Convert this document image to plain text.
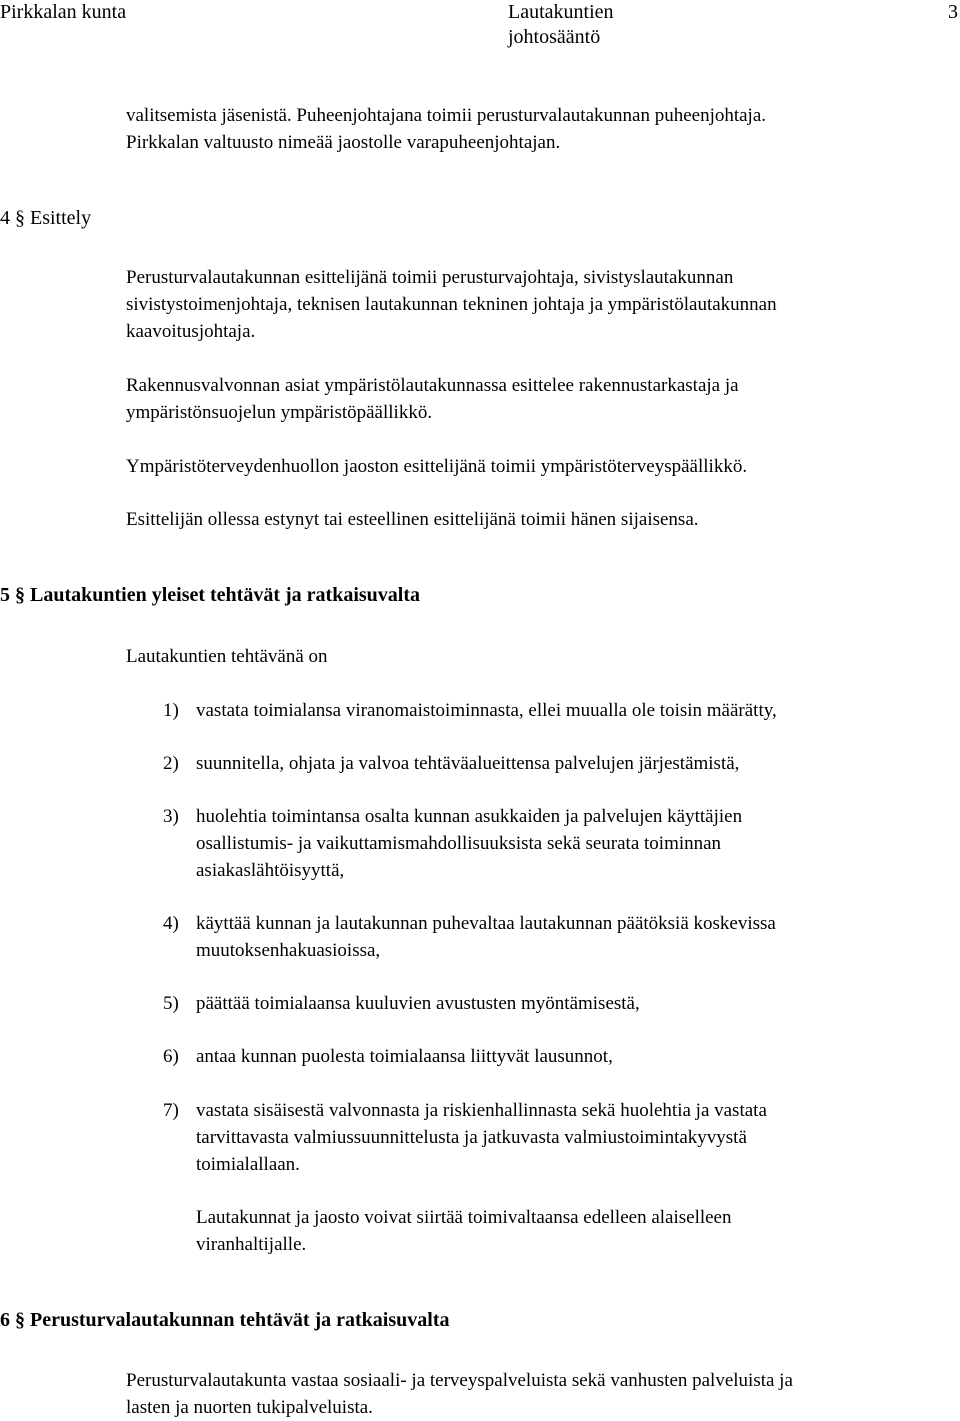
Pirkkalan kunta	Lautakuntien
johtosääntö
3

valitsemista jäsenistä. Puheenjohtajana toimii perusturvalautakunnan puheenjohtaja.
Pirkkalan valtuusto nimeää jaostolle varapuheenjohtajan.

4 § Esittely

Perusturvalautakunnan esittelijänä toimii perusturvajohtaja, sivistyslautakunnan
sivistystoimenjohtaja, teknisen lautakunnan tekninen johtaja ja ympäristölautakunnan
kaavoitusjohtaja.

Rakennusvalvonnan asiat ympäristölautakunnassa esittelee rakennustarkastaja ja
ympäristönsuojelun ympäristöpäällikkö.

Ympäristöterveydenhuollon jaoston esittelijänä toimii ympäristöterveyspäällikkö.

Esittelijän ollessa estynyt tai esteellinen esittelijänä toimii hänen sijaisensa.

5 § Lautakuntien yleiset tehtävät ja ratkaisuvalta

Lautakuntien tehtävänä on

1) vastata toimialansa viranomaistoiminnasta, ellei muualla ole toisin määrätty,
2) suunnitella, ohjata ja valvoa tehtäväalueittensa palvelujen järjestämistä,
3) huolehtia toimintansa osalta kunnan asukkaiden ja palvelujen käyttäjien
osallistumis- ja vaikuttamismahdollisuuksista sekä seurata toiminnan
asiakaslähtöisyyttä,
4) käyttää kunnan ja lautakunnan puhevaltaa lautakunnan päätöksiä koskevissa
muutoksenhakuasioissa,
5) päättää toimialaansa kuuluvien avustusten myöntämisestä,
6) antaa kunnan puolesta toimialaansa liittyvät lausunnot,
7) vastata sisäisestä valvonnasta ja riskienhallinnasta sekä huolehtia ja vastata
tarvittavasta valmiussuunnittelusta ja jatkuvasta valmiustoimintakyvystä
toimialallaan.

Lautakunnat ja jaosto voivat siirtää toimivaltaansa edelleen alaiselleen
viranhaltijalle.

6 § Perusturvalautakunnan tehtävät ja ratkaisuvalta

Perusturvalautakunta vastaa sosiaali- ja terveyspalveluista sekä vanhusten palveluista ja
lasten ja nuorten tukipalveluista.
